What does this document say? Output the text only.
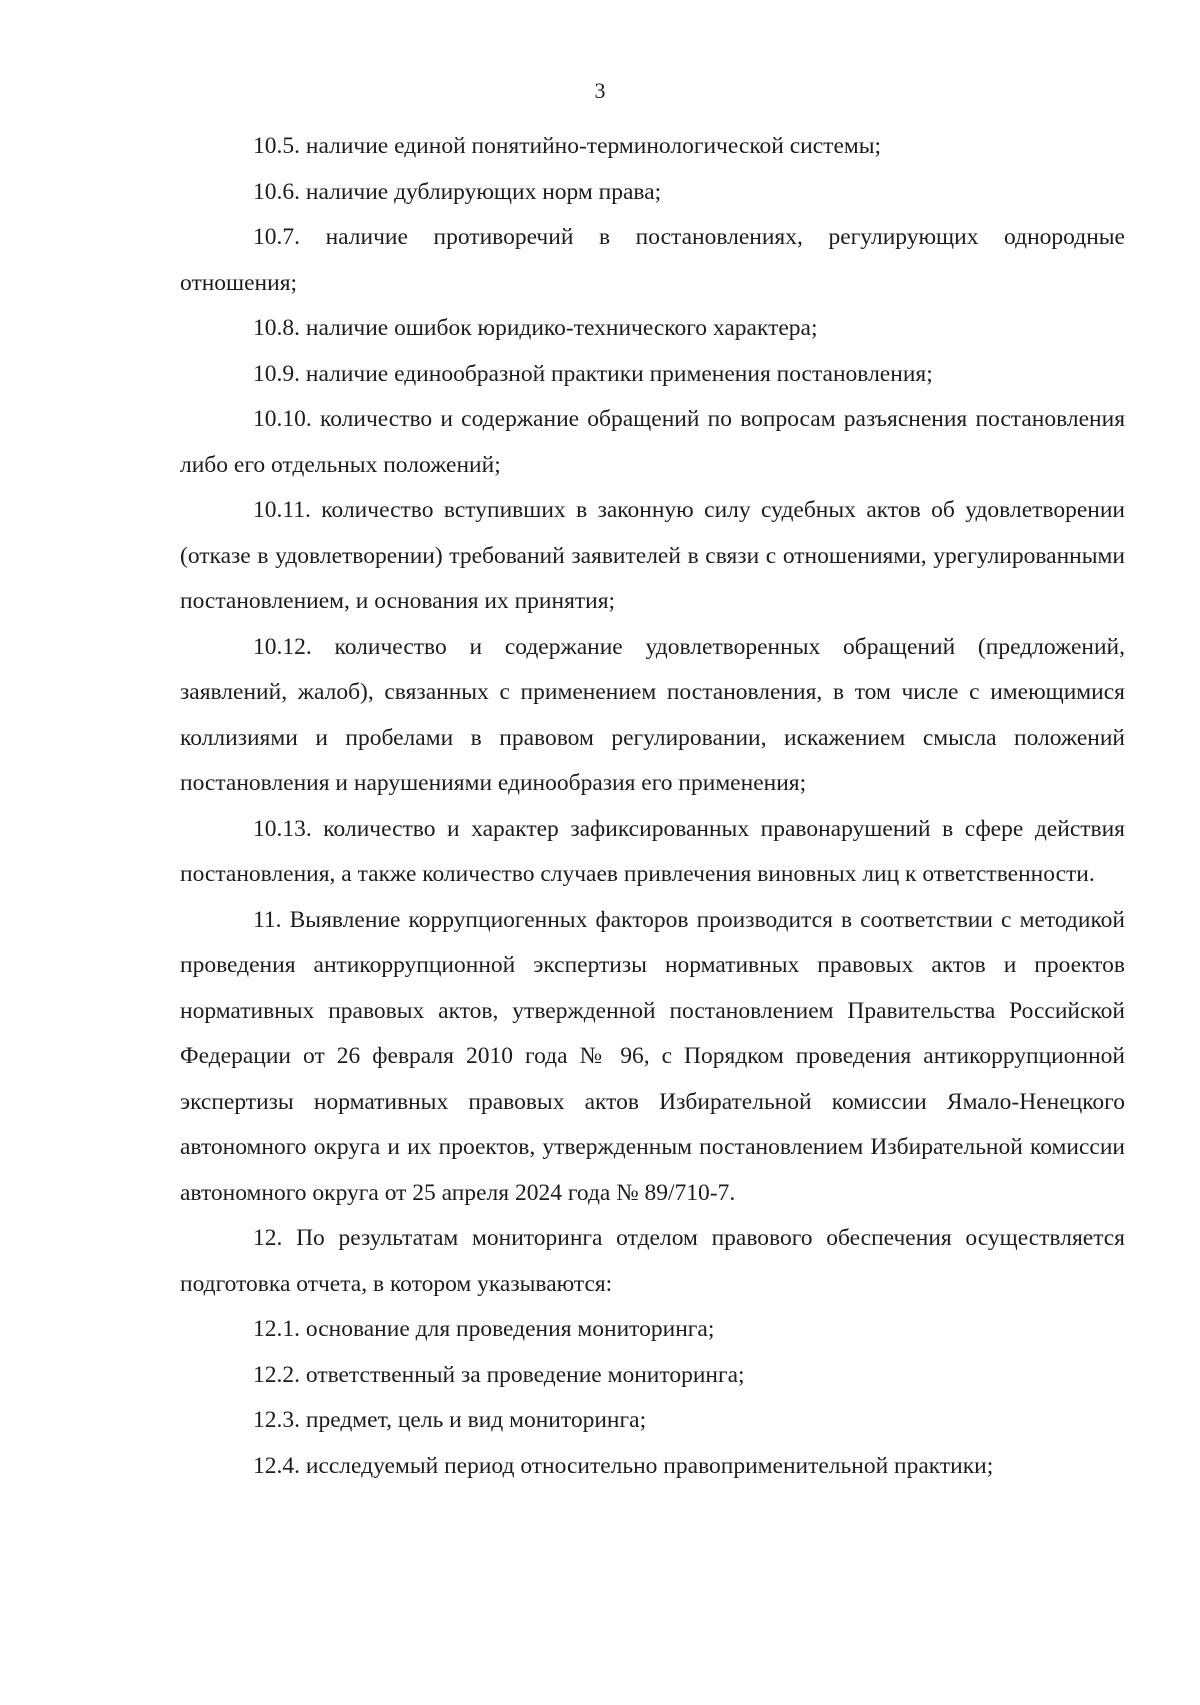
3

10.5. наличие единой понятийно-терминологической системы;

10.6. наличие дублирующих норм права;

10.7. наличие противоречий в постановлениях, регулирующих однородные отношения;

10.8. наличие ошибок юридико-технического характера;

10.9. наличие единообразной практики применения постановления;

10.10. количество и содержание обращений по вопросам разъяснения постановления либо его отдельных положений;

10.11. количество вступивших в законную силу судебных актов об удовлетворении (отказе в удовлетворении) требований заявителей в связи с отношениями, урегулированными постановлением, и основания их принятия;

10.12. количество и содержание удовлетворенных обращений (предложений, заявлений, жалоб), связанных с применением постановления, в том числе с имеющимися коллизиями и пробелами в правовом регулировании, искажением смысла положений постановления и нарушениями единообразия его применения;

10.13. количество и характер зафиксированных правонарушений в сфере действия постановления, а также количество случаев привлечения виновных лиц к ответственности.

11. Выявление коррупциогенных факторов производится в соответствии с методикой проведения антикоррупционной экспертизы нормативных правовых актов и проектов нормативных правовых актов, утвержденной постановлением Правительства Российской Федерации от 26 февраля 2010 года № 96, с Порядком проведения антикоррупционной экспертизы нормативных правовых актов Избирательной комиссии Ямало-Ненецкого автономного округа и их проектов, утвержденным постановлением Избирательной комиссии автономного округа от 25 апреля 2024 года № 89/710-7.

12. По результатам мониторинга отделом правового обеспечения осуществляется подготовка отчета, в котором указываются:

12.1. основание для проведения мониторинга;

12.2. ответственный за проведение мониторинга;

12.3. предмет, цель и вид мониторинга;

12.4. исследуемый период относительно правоприменительной практики;
